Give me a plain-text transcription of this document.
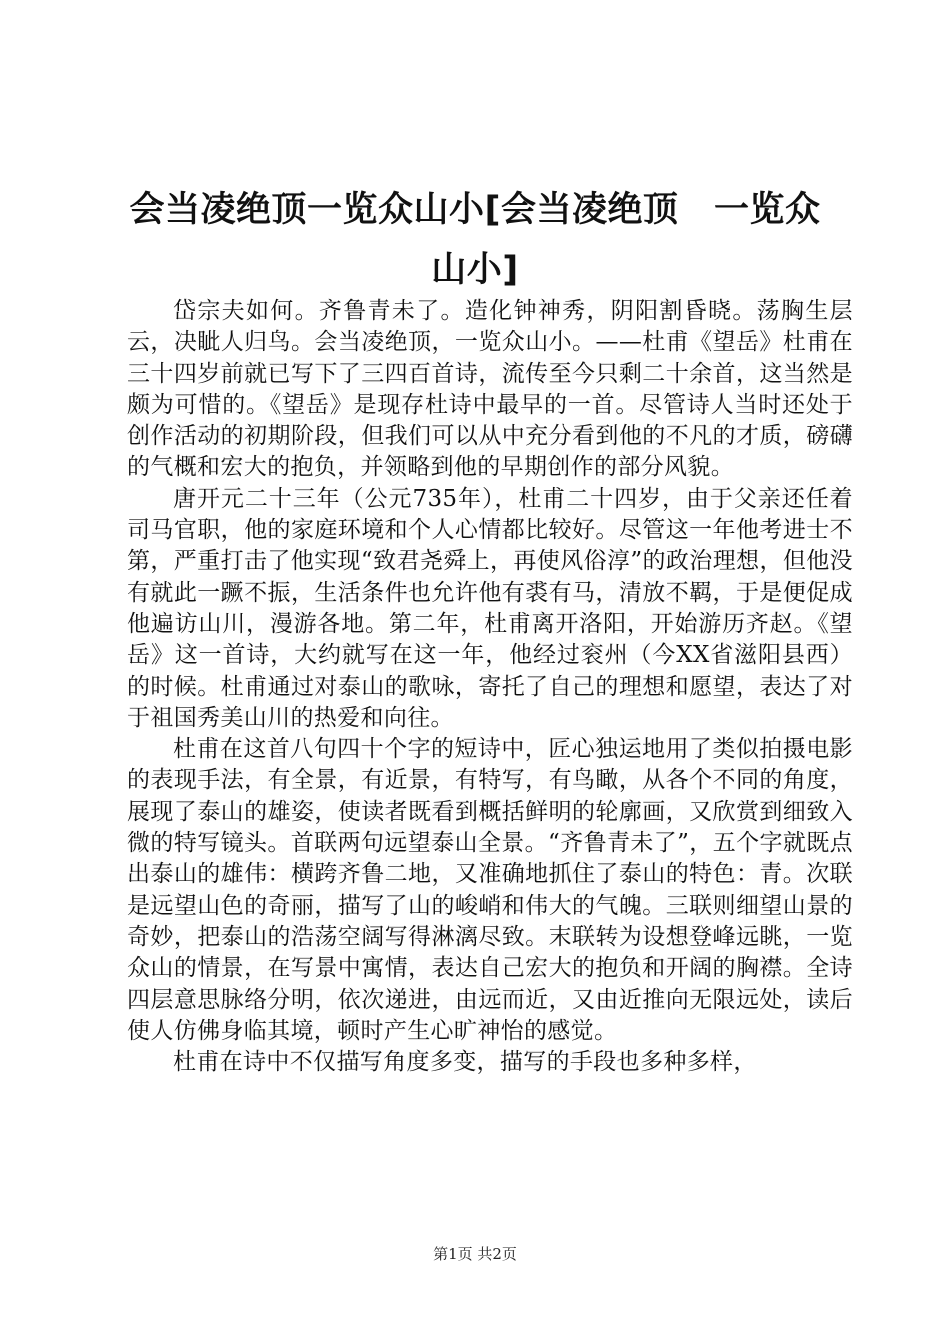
会当凌绝顶一览众山小[会当凌绝顶　一览众山小]

岱宗夫如何。齐鲁青未了。造化钟神秀，阴阳割昏晓。荡胸生层云，决眦人归鸟。会当凌绝顶，一览众山小。——杜甫《望岳》杜甫在三十四岁前就已写下了三四百首诗，流传至今只剩二十余首，这当然是颇为可惜的。《望岳》是现存杜诗中最早的一首。尽管诗人当时还处于创作活动的初期阶段，但我们可以从中充分看到他的不凡的才质，磅礴的气概和宏大的抱负，并领略到他的早期创作的部分风貌。

唐开元二十三年（公元735年），杜甫二十四岁，由于父亲还任着司马官职，他的家庭环境和个人心情都比较好。尽管这一年他考进士不第，严重打击了他实现“致君尧舜上，再使风俗淳”的政治理想，但他没有就此一蹶不振，生活条件也允许他有裘有马，清放不羁，于是便促成他遍访山川，漫游各地。第二年，杜甫离开洛阳，开始游历齐赵。《望岳》这一首诗，大约就写在这一年，他经过衮州（今XX省滋阳县西）的时候。杜甫通过对泰山的歌咏，寄托了自己的理想和愿望，表达了对于祖国秀美山川的热爱和向往。

杜甫在这首八句四十个字的短诗中，匠心独运地用了类似拍摄电影的表现手法，有全景，有近景，有特写，有鸟瞰，从各个不同的角度，展现了泰山的雄姿，使读者既看到概括鲜明的轮廓画，又欣赏到细致入微的特写镜头。首联两句远望泰山全景。“齐鲁青未了”，五个字就既点出泰山的雄伟：横跨齐鲁二地，又准确地抓住了泰山的特色：青。次联是远望山色的奇丽，描写了山的峻峭和伟大的气魄。三联则细望山景的奇妙，把泰山的浩荡空阔写得淋漓尽致。末联转为设想登峰远眺，一览众山的情景，在写景中寓情，表达自己宏大的抱负和开阔的胸襟。全诗四层意思脉络分明，依次递进，由远而近，又由近推向无限远处，读后使人仿佛身临其境，顿时产生心旷神怡的感觉。

杜甫在诗中不仅描写角度多变，描写的手段也多种多样，

第1页 共2页
